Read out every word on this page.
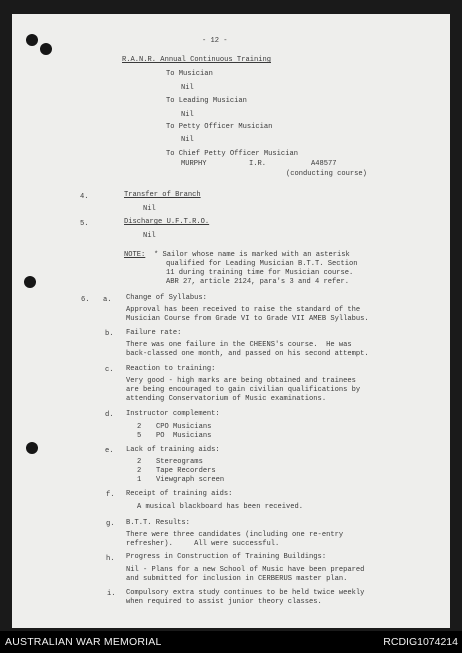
- 12 -
R.A.N.R. Annual Continuous Training
To Musician
Nil
To Leading Musician
Nil
To Petty Officer Musician
Nil
To Chief Petty Officer Musician
MURPHY	I.R.	A48577
(conducting course)
4.	Transfer of Branch
Nil
5.	Discharge U.F.T.R.O.
Nil
NOTE: * Sailor whose name is marked with an asterisk
qualified for Leading Musician B.T.T. Section
11 during training time for Musician course.
ABR 27, article 2124, para's 3 and 4 refer.
6. a. Change of Syllabus:
Approval has been received to raise the standard of the
Musician Course from Grade VI to Grade VII AMEB Syllabus.
b. Failure rate:
There was one failure in the CHEENS's course.  He was
back-classed one month, and passed on his second attempt.
c. Reaction to training:
Very good - high marks are being obtained and trainees
are being encouraged to gain civilian qualifications by
attending Conservatorium of Music examinations.
d. Instructor complement:
2 CPO Musicians
5 PO  Musicians
e. Lack of training aids:
2 Stereograms
2 Tape Recorders
1 Viewgraph screen
f. Receipt of training aids:
A musical blackboard has been received.
g. B.T.T. Results:
There were three candidates (including one re-entry
refresher).     All were successful.
h. Progress in Construction of Training Buildings:
Nil - Plans for a new School of Music have been prepared
and submitted for inclusion in CERBERUS master plan.
i. Compulsory extra study continues to be held twice weekly
when required to assist junior theory classes.
AUSTRALIAN WAR MEMORIAL	RCDIG1074214
